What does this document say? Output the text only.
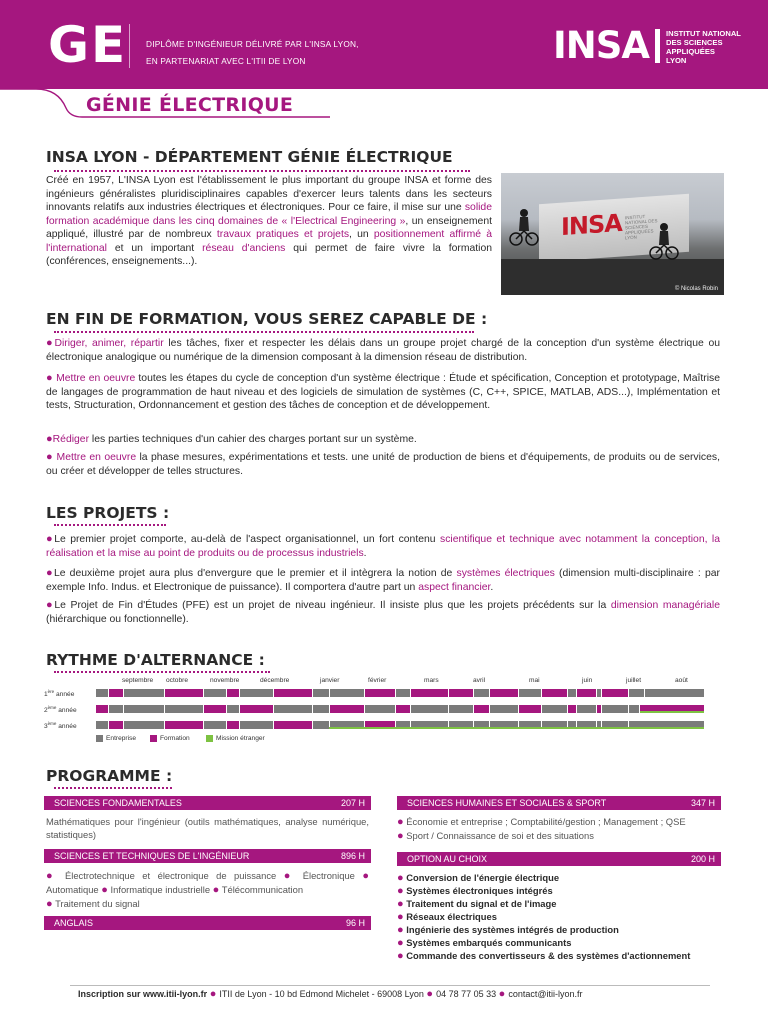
GE DIPLÔME D'INGÉNIEUR DÉLIVRÉ PAR L'INSA LYON,
EN PARTENARIAT AVEC L'ITII DE LYON	INSA INSTITUT NATIONAL
DES SCIENCES
APPLIQUÉES
LYON
GÉNIE ÉLECTRIQUE
INSA LYON - DÉPARTEMENT GÉNIE ÉLECTRIQUE
Créé en 1957, L'INSA Lyon est l'établissement le plus important du groupe INSA et forme des ingénieurs généralistes pluridisciplinaires capables d'exercer leurs talents dans les secteurs innovants relatifs aux industries électriques et électroniques. Pour ce faire, il mise sur une solide formation académique dans les cinq domaines de « l'Electrical Engineering », un enseignement appliqué, illustré par de nombreux travaux pratiques et projets, un positionnement affirmé à l'international et un important réseau d'anciens qui permet de faire vivre la formation (conférences, enseignements...).
INSA INSTITUT NATIONAL DES SCIENCES APPLIQUÉES LYON
© Nicolas Robin
EN FIN DE FORMATION, VOUS SEREZ CAPABLE DE :
●Diriger, animer, répartir les tâches, fixer et respecter les délais dans un groupe projet chargé de la conception d'un système électrique ou électronique analogique ou numérique de la dimension composant à la dimension réseau de distribution.
● Mettre en oeuvre toutes les étapes du cycle de conception d'un système électrique : Étude et spécification, Conception et prototypage, Maîtrise de langages de programmation de haut niveau et des logiciels de simulation de systèmes (C, C++, SPICE, MATLAB, ADS...), Implémentation et tests, Structuration, Ordonnancement et gestion des tâches de conception et de développement.
●Rédiger les parties techniques d'un cahier des charges portant sur un système.
● Mettre en oeuvre la phase mesures, expérimentations et tests. une unité de production de biens et d'équipements, de produits ou de services, ou créer et développer de telles structures.
LES PROJETS :
●Le premier projet comporte, au-delà de l'aspect organisationnel, un fort contenu scientifique et technique avec notamment la conception, la réalisation et la mise au point de produits ou de processus industriels.
●Le deuxième projet aura plus d'envergure que le premier et il intègrera la notion de systèmes électriques (dimension multi-disciplinaire : par exemple Info. Indus. et Electronique de puissance). Il comportera d'autre part un aspect financier.
●Le Projet de Fin d'Études (PFE) est un projet de niveau ingénieur. Il insiste plus que les projets précédents sur la dimension managériale (hiérarchique ou fonctionnelle).
RYTHME D'ALTERNANCE :
septembre octobre	novembre	décembre	janvier	février	mars	avril	mai	juin	juillet	août
1ère année
2ème année
3ème année
Entreprise	Formation	Mission étranger
PROGRAMME :
SCIENCES FONDAMENTALES	207 H
Mathématiques pour l'ingénieur (outils mathématiques, analyse numérique, statistiques)
SCIENCES ET TECHNIQUES DE L'INGÉNIEUR	896 H
● Électrotechnique et électronique de puissance ● Électronique ● Automatique ● Informatique industrielle ● Télécommunication
● Traitement du signal
ANGLAIS	96 H
SCIENCES HUMAINES ET SOCIALES & SPORT	347 H
● Économie et entreprise ; Comptabilité/gestion ; Management ; QSE
● Sport / Connaissance de soi et des situations
OPTION AU CHOIX	200 H
● Conversion de l'énergie électrique
● Systèmes électroniques intégrés
● Traitement du signal et de l'image
● Réseaux électriques
● Ingénierie des systèmes intégrés de production
● Systèmes embarqués communicants
● Commande des convertisseurs & des systèmes d'actionnement
Inscription sur www.itii-lyon.fr ● ITII de Lyon - 10 bd Edmond Michelet - 69008 Lyon ● 04 78 77 05 33 ● contact@itii-lyon.fr
